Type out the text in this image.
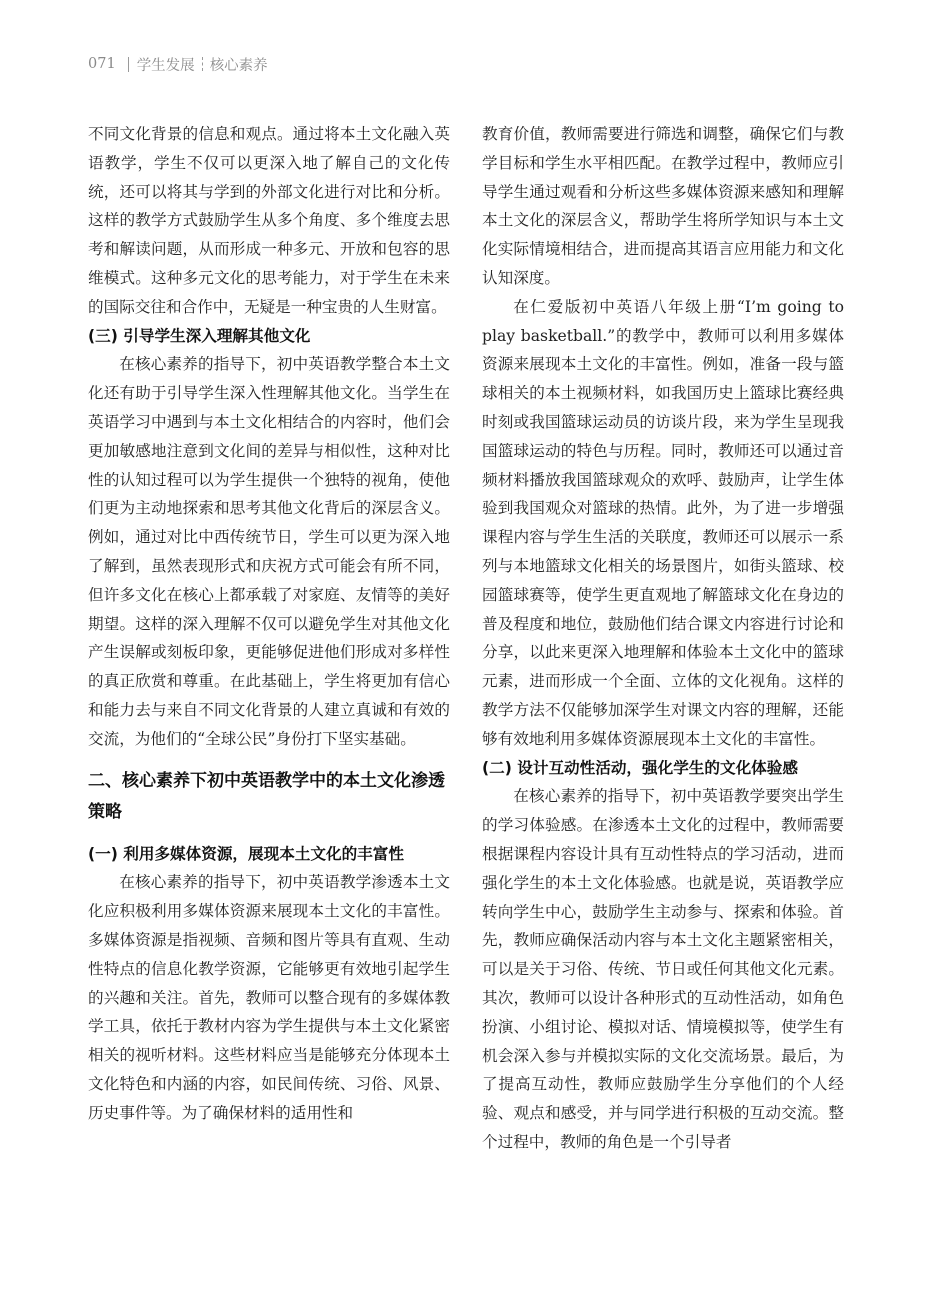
071 学生发展 核心素养

不同文化背景的信息和观点。通过将本土文化融入英语教学，学生不仅可以更深入地了解自己的文化传统，还可以将其与学到的外部文化进行对比和分析。这样的教学方式鼓励学生从多个角度、多个维度去思考和解读问题，从而形成一种多元、开放和包容的思维模式。这种多元文化的思考能力，对于学生在未来的国际交往和合作中，无疑是一种宝贵的人生财富。

(三) 引导学生深入理解其他文化

在核心素养的指导下，初中英语教学整合本土文化还有助于引导学生深入性理解其他文化。当学生在英语学习中遇到与本土文化相结合的内容时，他们会更加敏感地注意到文化间的差异与相似性，这种对比性的认知过程可以为学生提供一个独特的视角，使他们更为主动地探索和思考其他文化背后的深层含义。例如，通过对比中西传统节日，学生可以更为深入地了解到，虽然表现形式和庆祝方式可能会有所不同，但许多文化在核心上都承载了对家庭、友情等的美好期望。这样的深入理解不仅可以避免学生对其他文化产生误解或刻板印象，更能够促进他们形成对多样性的真正欣赏和尊重。在此基础上，学生将更加有信心和能力去与来自不同文化背景的人建立真诚和有效的交流，为他们的“全球公民”身份打下坚实基础。

二、核心素养下初中英语教学中的本土文化渗透策略
(一) 利用多媒体资源，展现本土文化的丰富性

在核心素养的指导下，初中英语教学渗透本土文化应积极利用多媒体资源来展现本土文化的丰富性。多媒体资源是指视频、音频和图片等具有直观、生动性特点的信息化教学资源，它能够更有效地引起学生的兴趣和关注。首先，教师可以整合现有的多媒体教学工具，依托于教材内容为学生提供与本土文化紧密相关的视听材料。这些材料应当是能够充分体现本土文化特色和内涵的内容，如民间传统、习俗、风景、历史事件等。为了确保材料的适用性和

教育价值，教师需要进行筛选和调整，确保它们与教学目标和学生水平相匹配。在教学过程中，教师应引导学生通过观看和分析这些多媒体资源来感知和理解本土文化的深层含义，帮助学生将所学知识与本土文化实际情境相结合，进而提高其语言应用能力和文化认知深度。

在仁爱版初中英语八年级上册“I’m going to play basketball.”的教学中，教师可以利用多媒体资源来展现本土文化的丰富性。例如，准备一段与篮球相关的本土视频材料，如我国历史上篮球比赛经典时刻或我国篮球运动员的访谈片段，来为学生呈现我国篮球运动的特色与历程。同时，教师还可以通过音频材料播放我国篮球观众的欢呼、鼓励声，让学生体验到我国观众对篮球的热情。此外，为了进一步增强课程内容与学生生活的关联度，教师还可以展示一系列与本地篮球文化相关的场景图片，如街头篮球、校园篮球赛等，使学生更直观地了解篮球文化在身边的普及程度和地位，鼓励他们结合课文内容进行讨论和分享，以此来更深入地理解和体验本土文化中的篮球元素，进而形成一个全面、立体的文化视角。这样的教学方法不仅能够加深学生对课文内容的理解，还能够有效地利用多媒体资源展现本土文化的丰富性。

(二) 设计互动性活动，强化学生的文化体验感

在核心素养的指导下，初中英语教学要突出学生的学习体验感。在渗透本土文化的过程中，教师需要根据课程内容设计具有互动性特点的学习活动，进而强化学生的本土文化体验感。也就是说，英语教学应转向学生中心，鼓励学生主动参与、探索和体验。首先，教师应确保活动内容与本土文化主题紧密相关，可以是关于习俗、传统、节日或任何其他文化元素。其次，教师可以设计各种形式的互动性活动，如角色扮演、小组讨论、模拟对话、情境模拟等，使学生有机会深入参与并模拟实际的文化交流场景。最后，为了提高互动性，教师应鼓励学生分享他们的个人经验、观点和感受，并与同学进行积极的互动交流。整个过程中，教师的角色是一个引导者
